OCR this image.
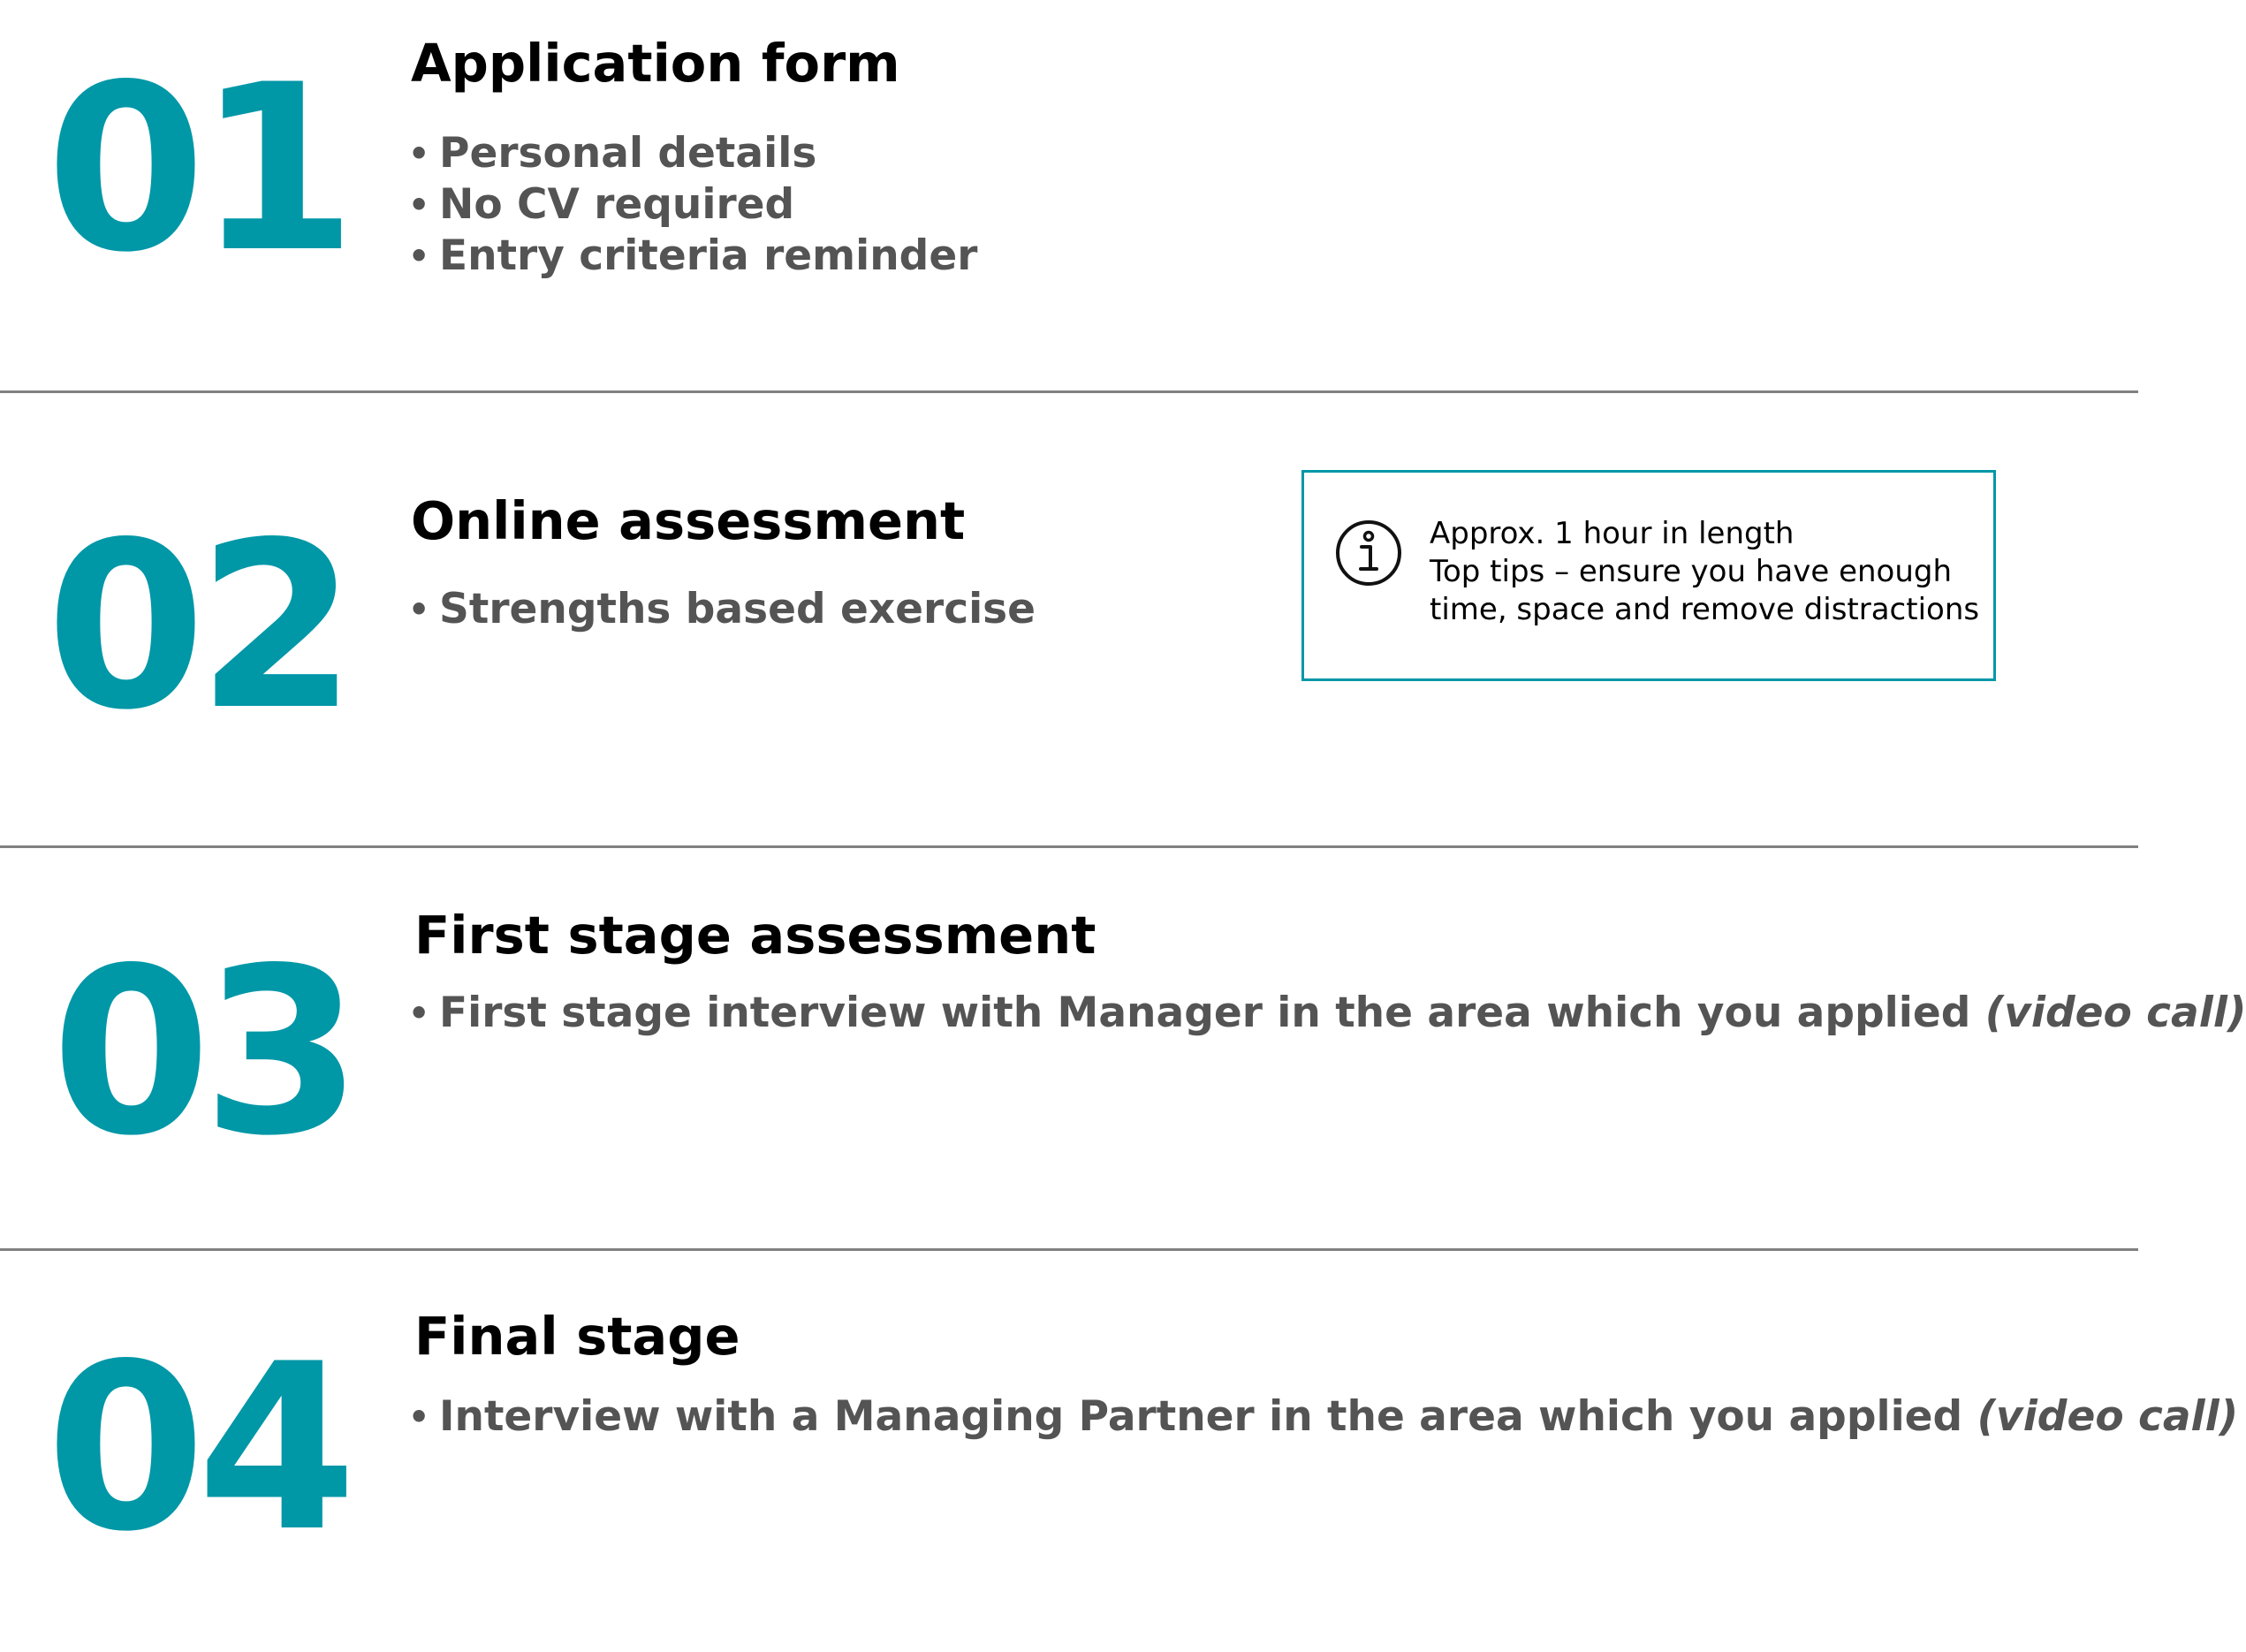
01 Application form
• Personal details
• No CV required
• Entry criteria reminder
02 Online assessment
• Strengths based exercise
Approx. 1 hour in length
Top tips – ensure you have enough
time, space and remove distractions
03 First stage assessment
• First stage interview with Manager in the area which you applied (video call)
04 Final stage
• Interview with a Managing Partner in the area which you applied (video call)
